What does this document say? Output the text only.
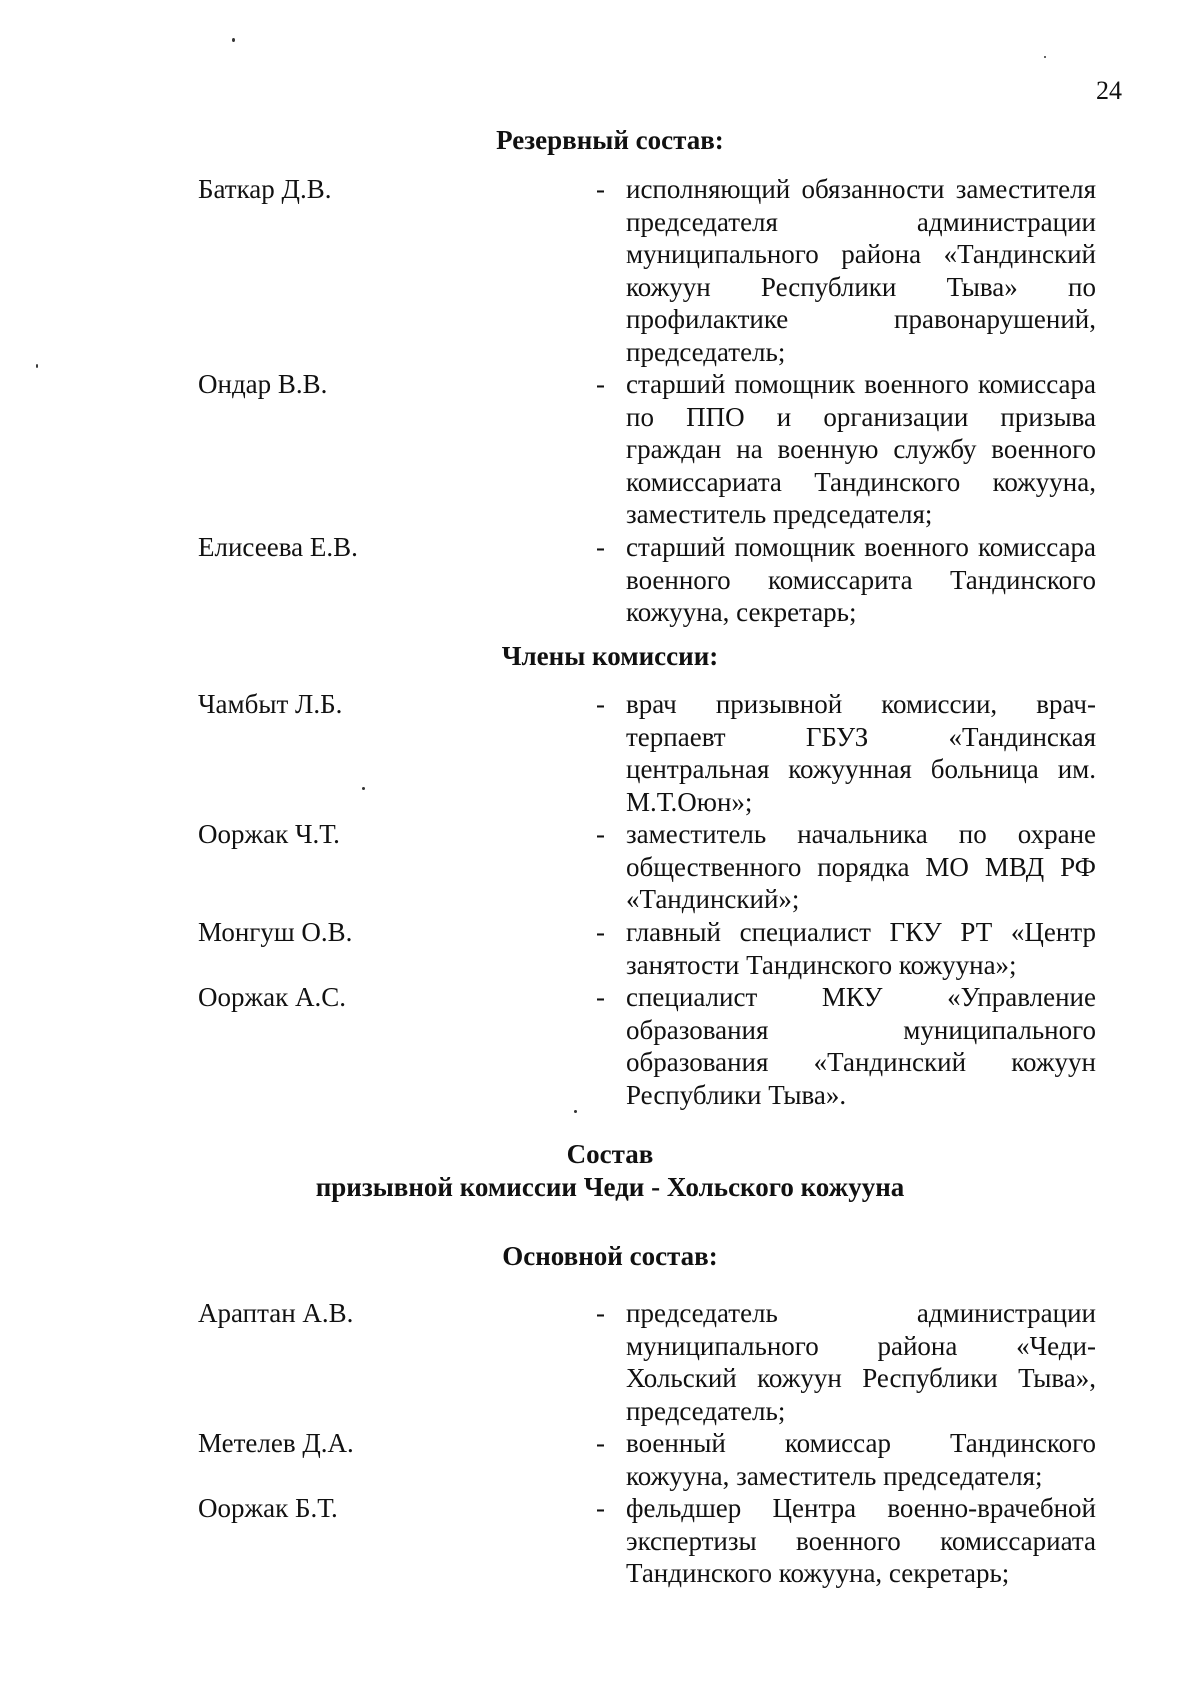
24
Резервный состав:
Баткар Д.В.	- исполняющий обязанности заместителя председателя администрации муниципального района «Тандинский кожуун Республики Тыва» по профилактике правонарушений, председатель;
Ондар В.В.	- старший помощник военного комиссара по ППО и организации призыва граждан на военную службу военного комиссариата Тандинского кожууна, заместитель председателя;
Елисеева Е.В.	- старший помощник военного комиссара военного комиссарита Тандинского кожууна, секретарь;
Члены комиссии:
Чамбыт Л.Б.	- врач призывной комиссии, врач-терпаевт ГБУЗ «Тандинская центральная кожуунная больница им. М.Т.Оюн»;
Ооржак Ч.Т.	- заместитель начальника по охране общественного порядка МО МВД РФ «Тандинский»;
Монгуш О.В.	- главный специалист ГКУ РТ «Центр занятости Тандинского кожууна»;
Ооржак А.С.	- специалист МКУ «Управление образования муниципального образования «Тандинский кожуун Республики Тыва».
Состав
призывной комиссии Чеди - Хольского кожууна
Основной состав:
Араптан А.В.	- председатель администрации муниципального района «Чеди-Хольский кожуун Республики Тыва», председатель;
Метелев Д.А.	- военный комиссар Тандинского кожууна, заместитель председателя;
Ооржак Б.Т.	- фельдшер Центра военно-врачебной экспертизы военного комиссариата Тандинского кожууна, секретарь;
